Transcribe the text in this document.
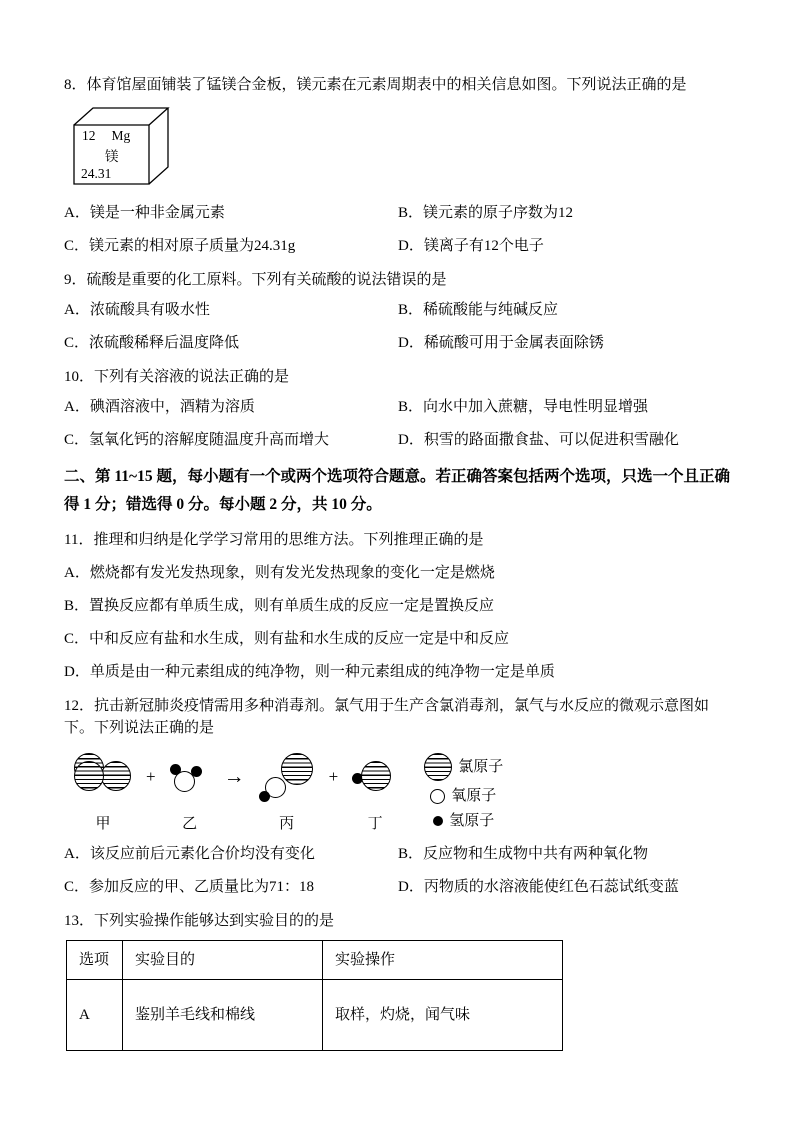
8．体育馆屋面铺装了锰镁合金板，镁元素在元素周期表中的相关信息如图。下列说法正确的是

12 Mg
镁
24.31
A．镁是一种非金属元素	B．镁元素的原子序数为12
C．镁元素的相对原子质量为24.31g	D．镁离子有12个电子

9．硫酸是重要的化工原料。下列有关硫酸的说法错误的是

A．浓硫酸具有吸水性	B．稀硫酸能与纯碱反应
C．浓硫酸稀释后温度降低	D．稀硫酸可用于金属表面除锈

10．下列有关溶液的说法正确的是

A．碘酒溶液中，酒精为溶质	B．向水中加入蔗糖，导电性明显增强
C．氢氧化钙的溶解度随温度升高而增大	D．积雪的路面撒食盐、可以促进积雪融化

二、第 11~15 题，每小题有一个或两个选项符合题意。若正确答案包括两个选项，只选一个且正确得 1 分；错选得 0 分。每小题 2 分，共 10 分。

11．推理和归纳是化学学习常用的思维方法。下列推理正确的是

A．燃烧都有发光发热现象，则有发光发热现象的变化一定是燃烧
B．置换反应都有单质生成，则有单质生成的反应一定是置换反应
C．中和反应有盐和水生成，则有盐和水生成的反应一定是中和反应
D．单质是由一种元素组成的纯净物，则一种元素组成的纯净物一定是单质

12．抗击新冠肺炎疫情需用多种消毒剂。氯气用于生产含氯消毒剂，氯气与水反应的微观示意图如下。下列说法正确的是

甲
+
乙
→
丙
+
丁
氯原子
氧原子
氢原子
A．该反应前后元素化合价均没有变化	B．反应物和生成物中共有两种氧化物
C．参加反应的甲、乙质量比为71：18	D．丙物质的水溶液能使红色石蕊试纸变蓝

13．下列实验操作能够达到实验目的的是

选项	实验目的	实验操作
A	鉴别羊毛线和棉线	取样，灼烧，闻气味
